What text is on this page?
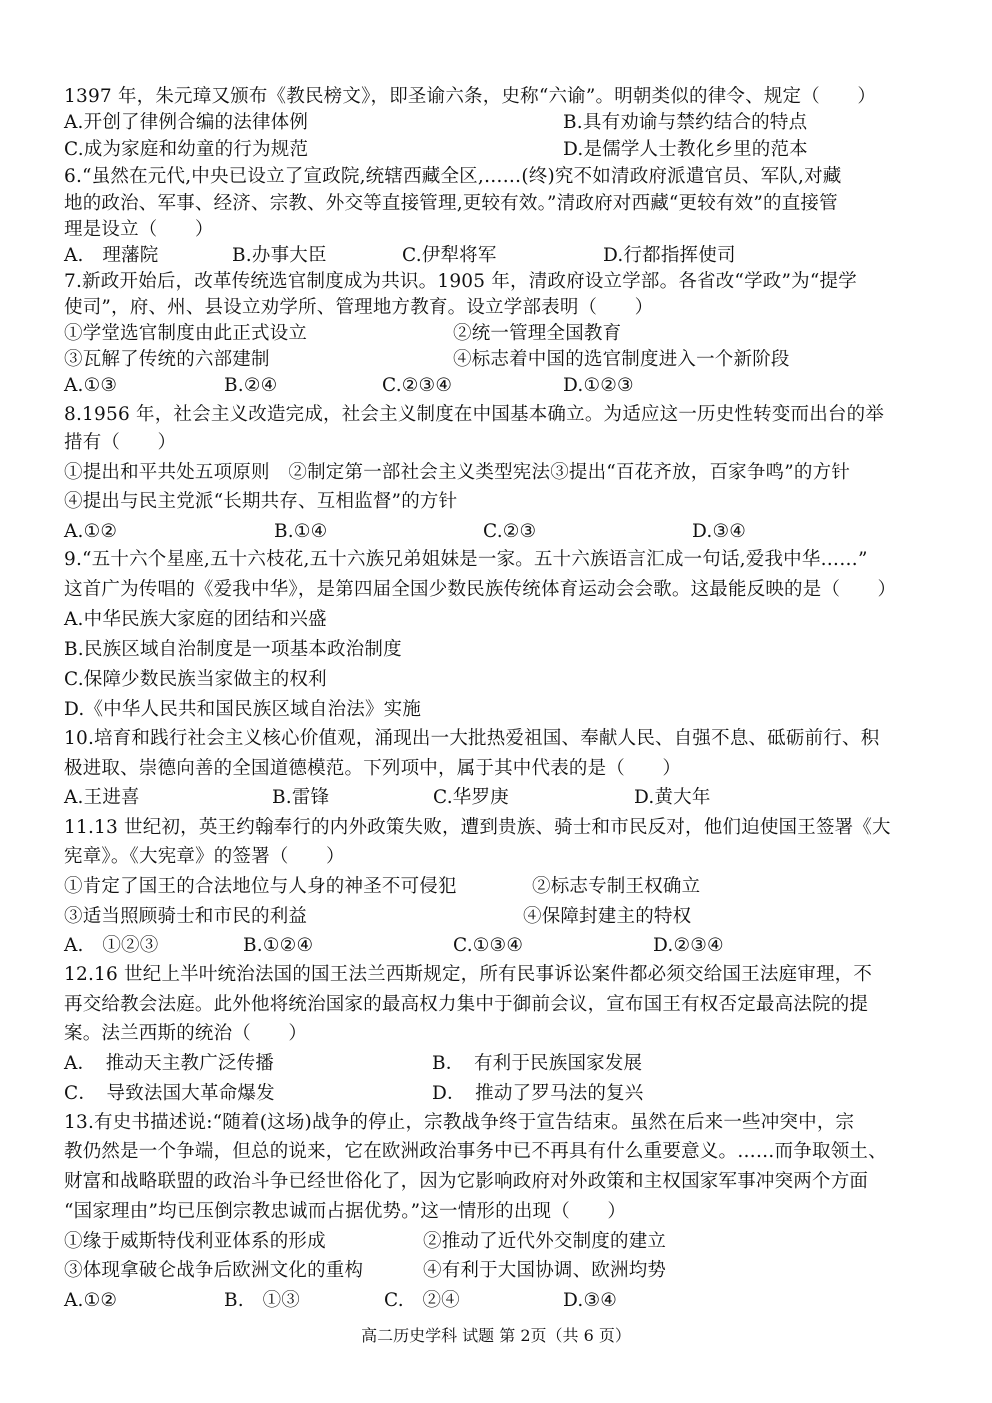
1397 年，朱元璋又颁布《教民榜文》，即圣谕六条，史称“六谕”。明朝类似的律令、规定（　　）
A.开创了律例合编的法律体例	B.具有劝谕与禁约结合的特点
C.成为家庭和幼童的行为规范	D.是儒学人士教化乡里的范本
6.“虽然在元代,中央已设立了宣政院,统辖西藏全区,……(终)究不如清政府派遣官员、军队,对藏
地的政治、军事、经济、宗教、外交等直接管理,更较有效。”清政府对西藏“更较有效”的直接管
理是设立（　　）
A.　理藩院	B.办事大臣	C.伊犁将军	D.行都指挥使司
7.新政开始后，改革传统选官制度成为共识。1905 年，清政府设立学部。各省改“学政”为“提学
使司”，府、州、县设立劝学所、管理地方教育。设立学部表明（　　）
①学堂选官制度由此正式设立	②统一管理全国教育
③瓦解了传统的六部建制	④标志着中国的选官制度进入一个新阶段
A.①③	B.②④	C.②③④	D.①②③
8.1956 年，社会主义改造完成，社会主义制度在中国基本确立。为适应这一历史性转变而出台的举
措有（　　）
①提出和平共处五项原则　②制定第一部社会主义类型宪法③提出“百花齐放，百家争鸣”的方针
④提出与民主党派“长期共存、互相监督”的方针
A.①②	B.①④	C.②③	D.③④
9.“五十六个星座,五十六枝花,五十六族兄弟姐妹是一家。五十六族语言汇成一句话,爱我中华……”
这首广为传唱的《爱我中华》，是第四届全国少数民族传统体育运动会会歌。这最能反映的是（　　）
A.中华民族大家庭的团结和兴盛
B.民族区域自治制度是一项基本政治制度
C.保障少数民族当家做主的权利
D.《中华人民共和国民族区域自治法》实施
10.培育和践行社会主义核心价值观，涌现出一大批热爱祖国、奉献人民、自强不息、砥砺前行、积
极进取、崇德向善的全国道德模范。下列项中，属于其中代表的是（　　）
A.王进喜	B.雷锋	C.华罗庚	D.黄大年
11.13 世纪初，英王约翰奉行的内外政策失败，遭到贵族、骑士和市民反对，他们迫使国王签署《大
宪章》。《大宪章》的签署（　　）
①肯定了国王的合法地位与人身的神圣不可侵犯	②标志专制王权确立
③适当照顾骑士和市民的利益	④保障封建主的特权
A.　①②③	B.①②④	C.①③④	D.②③④
12.16 世纪上半叶统治法国的国王法兰西斯规定，所有民事诉讼案件都必须交给国王法庭审理，不
再交给教会法庭。此外他将统治国家的最高权力集中于御前会议，宣布国王有权否定最高法院的提
案。法兰西斯的统治（　　）
A．　推动天主教广泛传播	B．　有利于民族国家发展
C．　导致法国大革命爆发	D．　推动了罗马法的复兴
13.有史书描述说:“随着(这场)战争的停止，宗教战争终于宣告结束。虽然在后来一些冲突中，宗
教仍然是一个争端，但总的说来，它在欧洲政治事务中已不再具有什么重要意义。……而争取领土、
财富和战略联盟的政治斗争已经世俗化了，因为它影响政府对外政策和主权国家军事冲突两个方面
“国家理由”均已压倒宗教忠诚而占据优势。”这一情形的出现（　　）
①缘于威斯特伐利亚体系的形成	②推动了近代外交制度的建立
③体现拿破仑战争后欧洲文化的重构	④有利于大国协调、欧洲均势
A.①②	B.　①③	C.　②④	D.③④
高二历史学科 试题 第 2页（共 6 页）
